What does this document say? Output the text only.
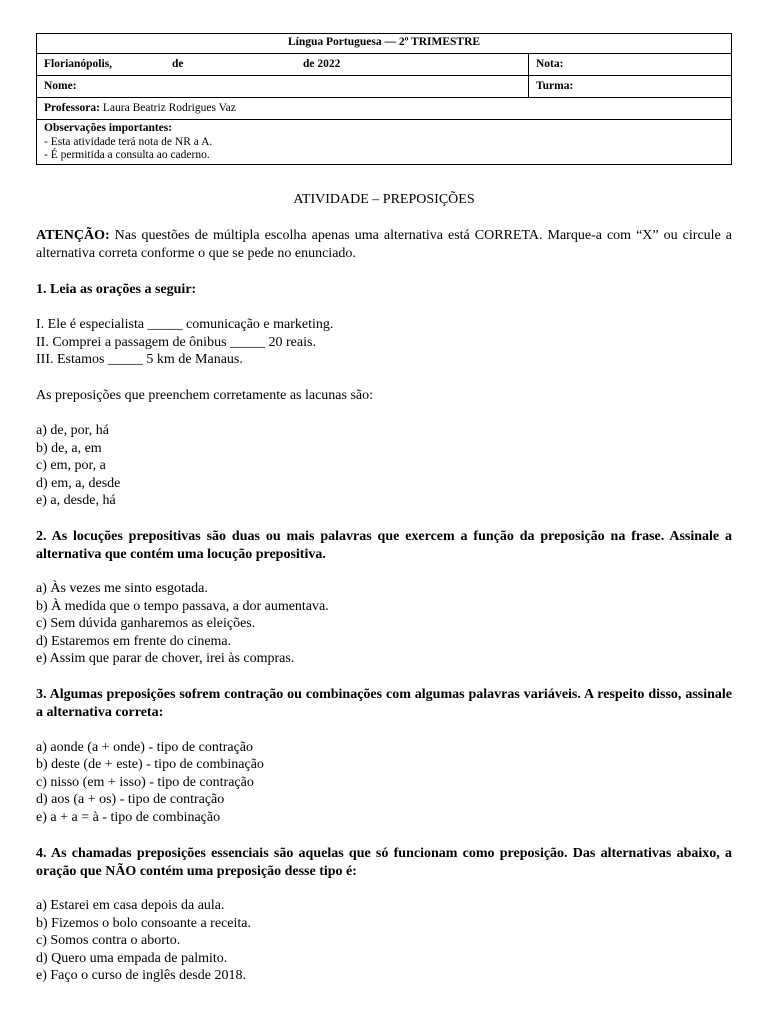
Língua Portuguesa — 2º TRIMESTRE	
Florianópolis, de de 2022	Nota:
Nome:	Turma:
Professora: Laura Beatriz Rodrigues Vaz	

Observações importantes:
- Esta atividade terá nota de NR a A.
- É permitida a consulta ao caderno.	
ATIVIDADE – PREPOSIÇÕES
ATENÇÃO: Nas questões de múltipla escolha apenas uma alternativa está CORRETA. Marque-a com “X” ou circule a alternativa correta conforme o que se pede no enunciado.
1. Leia as orações a seguir:
I. Ele é especialista _____ comunicação e marketing.
II. Comprei a passagem de ônibus _____ 20 reais.
III. Estamos _____ 5 km de Manaus.
As preposições que preenchem corretamente as lacunas são:
a) de, por, há
b) de, a, em
c) em, por, a
d) em, a, desde
e) a, desde, há
2. As locuções prepositivas são duas ou mais palavras que exercem a função da preposição na frase. Assinale a alternativa que contém uma locução prepositiva.
a) Às vezes me sinto esgotada.
b) À medida que o tempo passava, a dor aumentava.
c) Sem dúvida ganharemos as eleições.
d) Estaremos em frente do cinema.
e) Assim que parar de chover, irei às compras.
3. Algumas preposições sofrem contração ou combinações com algumas palavras variáveis. A respeito disso, assinale a alternativa correta:
a) aonde (a + onde) - tipo de contração
b) deste (de + este) - tipo de combinação
c) nisso (em + isso) - tipo de contração
d) aos (a + os) - tipo de contração
e) a + a = à - tipo de combinação
4. As chamadas preposições essenciais são aquelas que só funcionam como preposição. Das alternativas abaixo, a oração que NÃO contém uma preposição desse tipo é:
a) Estarei em casa depois da aula.
b) Fizemos o bolo consoante a receita.
c) Somos contra o aborto.
d) Quero uma empada de palmito.
e) Faço o curso de inglês desde 2018.
